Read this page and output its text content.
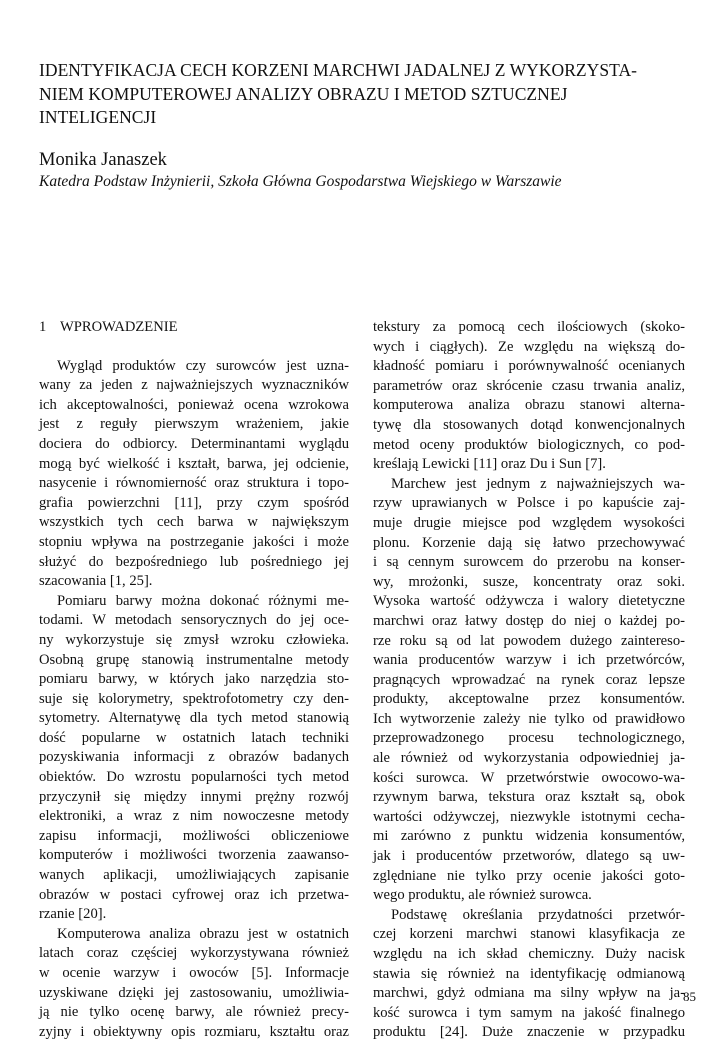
IDENTYFIKACJA CECH KORZENI MARCHWI JADALNEJ Z WYKORZYSTA-
NIEM KOMPUTEROWEJ ANALIZY OBRAZU I METOD SZTUCZNEJ
INTELIGENCJI

Monika Janaszek

Katedra Podstaw Inżynierii, Szkoła Główna Gospodarstwa Wiejskiego w Warszawie

1 WPROWADZENIE
Wygląd produktów czy surowców jest uzna-
wany za jeden z najważniejszych wyznaczników
ich akceptowalności, ponieważ ocena wzrokowa
jest z reguły pierwszym wrażeniem, jakie
dociera do odbiorcy. Determinantami wyglądu
mogą być wielkość i kształt, barwa, jej odcienie,
nasycenie i równomierność oraz struktura i topo-
grafia powierzchni [11], przy czym spośród
wszystkich tych cech barwa w największym
stopniu wpływa na postrzeganie jakości i może
służyć do bezpośredniego lub pośredniego jej
szacowania [1, 25].
Pomiaru barwy można dokonać różnymi me-
todami. W metodach sensorycznych do jej oce-
ny wykorzystuje się zmysł wzroku człowieka.
Osobną grupę stanowią instrumentalne metody
pomiaru barwy, w których jako narzędzia sto-
suje się kolorymetry, spektrofotometry czy den-
sytometry. Alternatywę dla tych metod stanowią
dość popularne w ostatnich latach techniki
pozyskiwania informacji z obrazów badanych
obiektów. Do wzrostu popularności tych metod
przyczynił się między innymi prężny rozwój
elektroniki, a wraz z nim nowoczesne metody
zapisu informacji, możliwości obliczeniowe
komputerów i możliwości tworzenia zaawanso-
wanych aplikacji, umożliwiających zapisanie
obrazów w postaci cyfrowej oraz ich przetwa-
rzanie [20].
Komputerowa analiza obrazu jest w ostatnich
latach coraz częściej wykorzystywana również
w ocenie warzyw i owoców [5]. Informacje
uzyskiwane dzięki jej zastosowaniu, umożliwia-
ją nie tylko ocenę barwy, ale również precy-
zyjny i obiektywny opis rozmiaru, kształtu oraz
tekstury za pomocą cech ilościowych (skoko-
wych i ciągłych). Ze względu na większą do-
kładność pomiaru i porównywalność ocenianych
parametrów oraz skrócenie czasu trwania analiz,
komputerowa analiza obrazu stanowi alterna-
tywę dla stosowanych dotąd konwencjonalnych
metod oceny produktów biologicznych, co pod-
kreślają Lewicki [11] oraz Du i Sun [7].
Marchew jest jednym z najważniejszych wa-
rzyw uprawianych w Polsce i po kapuście zaj-
muje drugie miejsce pod względem wysokości
plonu. Korzenie dają się łatwo przechowywać
i są cennym surowcem do przerobu na konser-
wy, mrożonki, susze, koncentraty oraz soki.
Wysoka wartość odżywcza i walory dietetyczne
marchwi oraz łatwy dostęp do niej o każdej po-
rze roku są od lat powodem dużego zainteresο-
wania producentów warzyw i ich przetwórców,
pragnących wprowadzać na rynek coraz lepsze
produkty, akceptowalne przez konsumentów.
Ich wytworzenie zależy nie tylko od prawidłowo
przeprowadzonego procesu technologicznego,
ale również od wykorzystania odpowiedniej ja-
kości surowca. W przetwórstwie owocowo-wa-
rzywnym barwa, tekstura oraz kształt są, obok
wartości odżywczej, niezwykle istotnymi cecha-
mi zarówno z punktu widzenia konsumentów,
jak i producentów przetworów, dlatego są uw-
zględniane nie tylko przy ocenie jakości goto-
wego produktu, ale również surowca.
Podstawę określania przydatności przetwór-
czej korzeni marchwi stanowi klasyfikacja ze
względu na ich skład chemiczny. Duży nacisk
stawia się również na identyfikację odmianową
marchwi, gdyż odmiana ma silny wpływ na ja-
kość surowca i tym samym na jakość finalnego
produktu [24]. Duże znaczenie w przypadku
85
